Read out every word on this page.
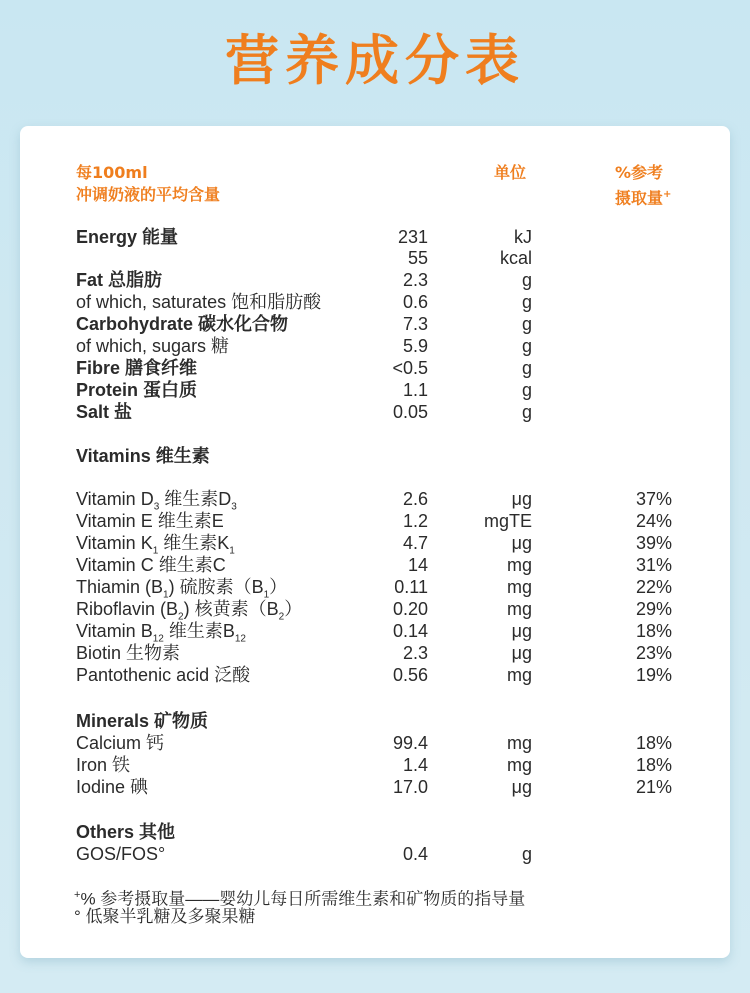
营养成分表
每100ml
冲调奶液的平均含量
单位	%参考
摄取量+
Energy 能量	231	kJ
55	kcal
Fat 总脂肪	2.3	g
of which, saturates 饱和脂肪酸	0.6	g
Carbohydrate 碳水化合物	7.3	g
of which, sugars 糖	5.9	g
Fibre 膳食纤维	<0.5	g
Protein 蛋白质	1.1	g
Salt 盐	0.05	g
Vitamins 维生素
Vitamin $D_3$ 维生素$D_3$	2.6	μg	37%
Vitamin E 维生素E	1.2	mgTE	24%
Vitamin $K_1$ 维生素$K_1$	4.7	μg	39%
Vitamin C 维生素C	14	mg	31%
Thiamin $(B_1)$ 硫胺素$(B_1)$	0.11	mg	22%
Riboflavin $(B_2)$ 核黄素$(B_2)$	0.20	mg	29%
Vitamin $B_{12}$ 维生素$B_{12}$	0.14	μg	18%
Biotin 生物素	2.3	μg	23%
Pantothenic acid 泛酸	0.56	mg	19%
Minerals 矿物质
Calcium 钙	99.4	mg	18%
Iron 铁	1.4	mg	18%
Iodine 碘	17.0	μg	21%
Others 其他
GOS/FOS°	0.4	g
+% 参考摄取量——婴幼儿每日所需维生素和矿物质的指导量
° 低聚半乳糖及多聚果糖
